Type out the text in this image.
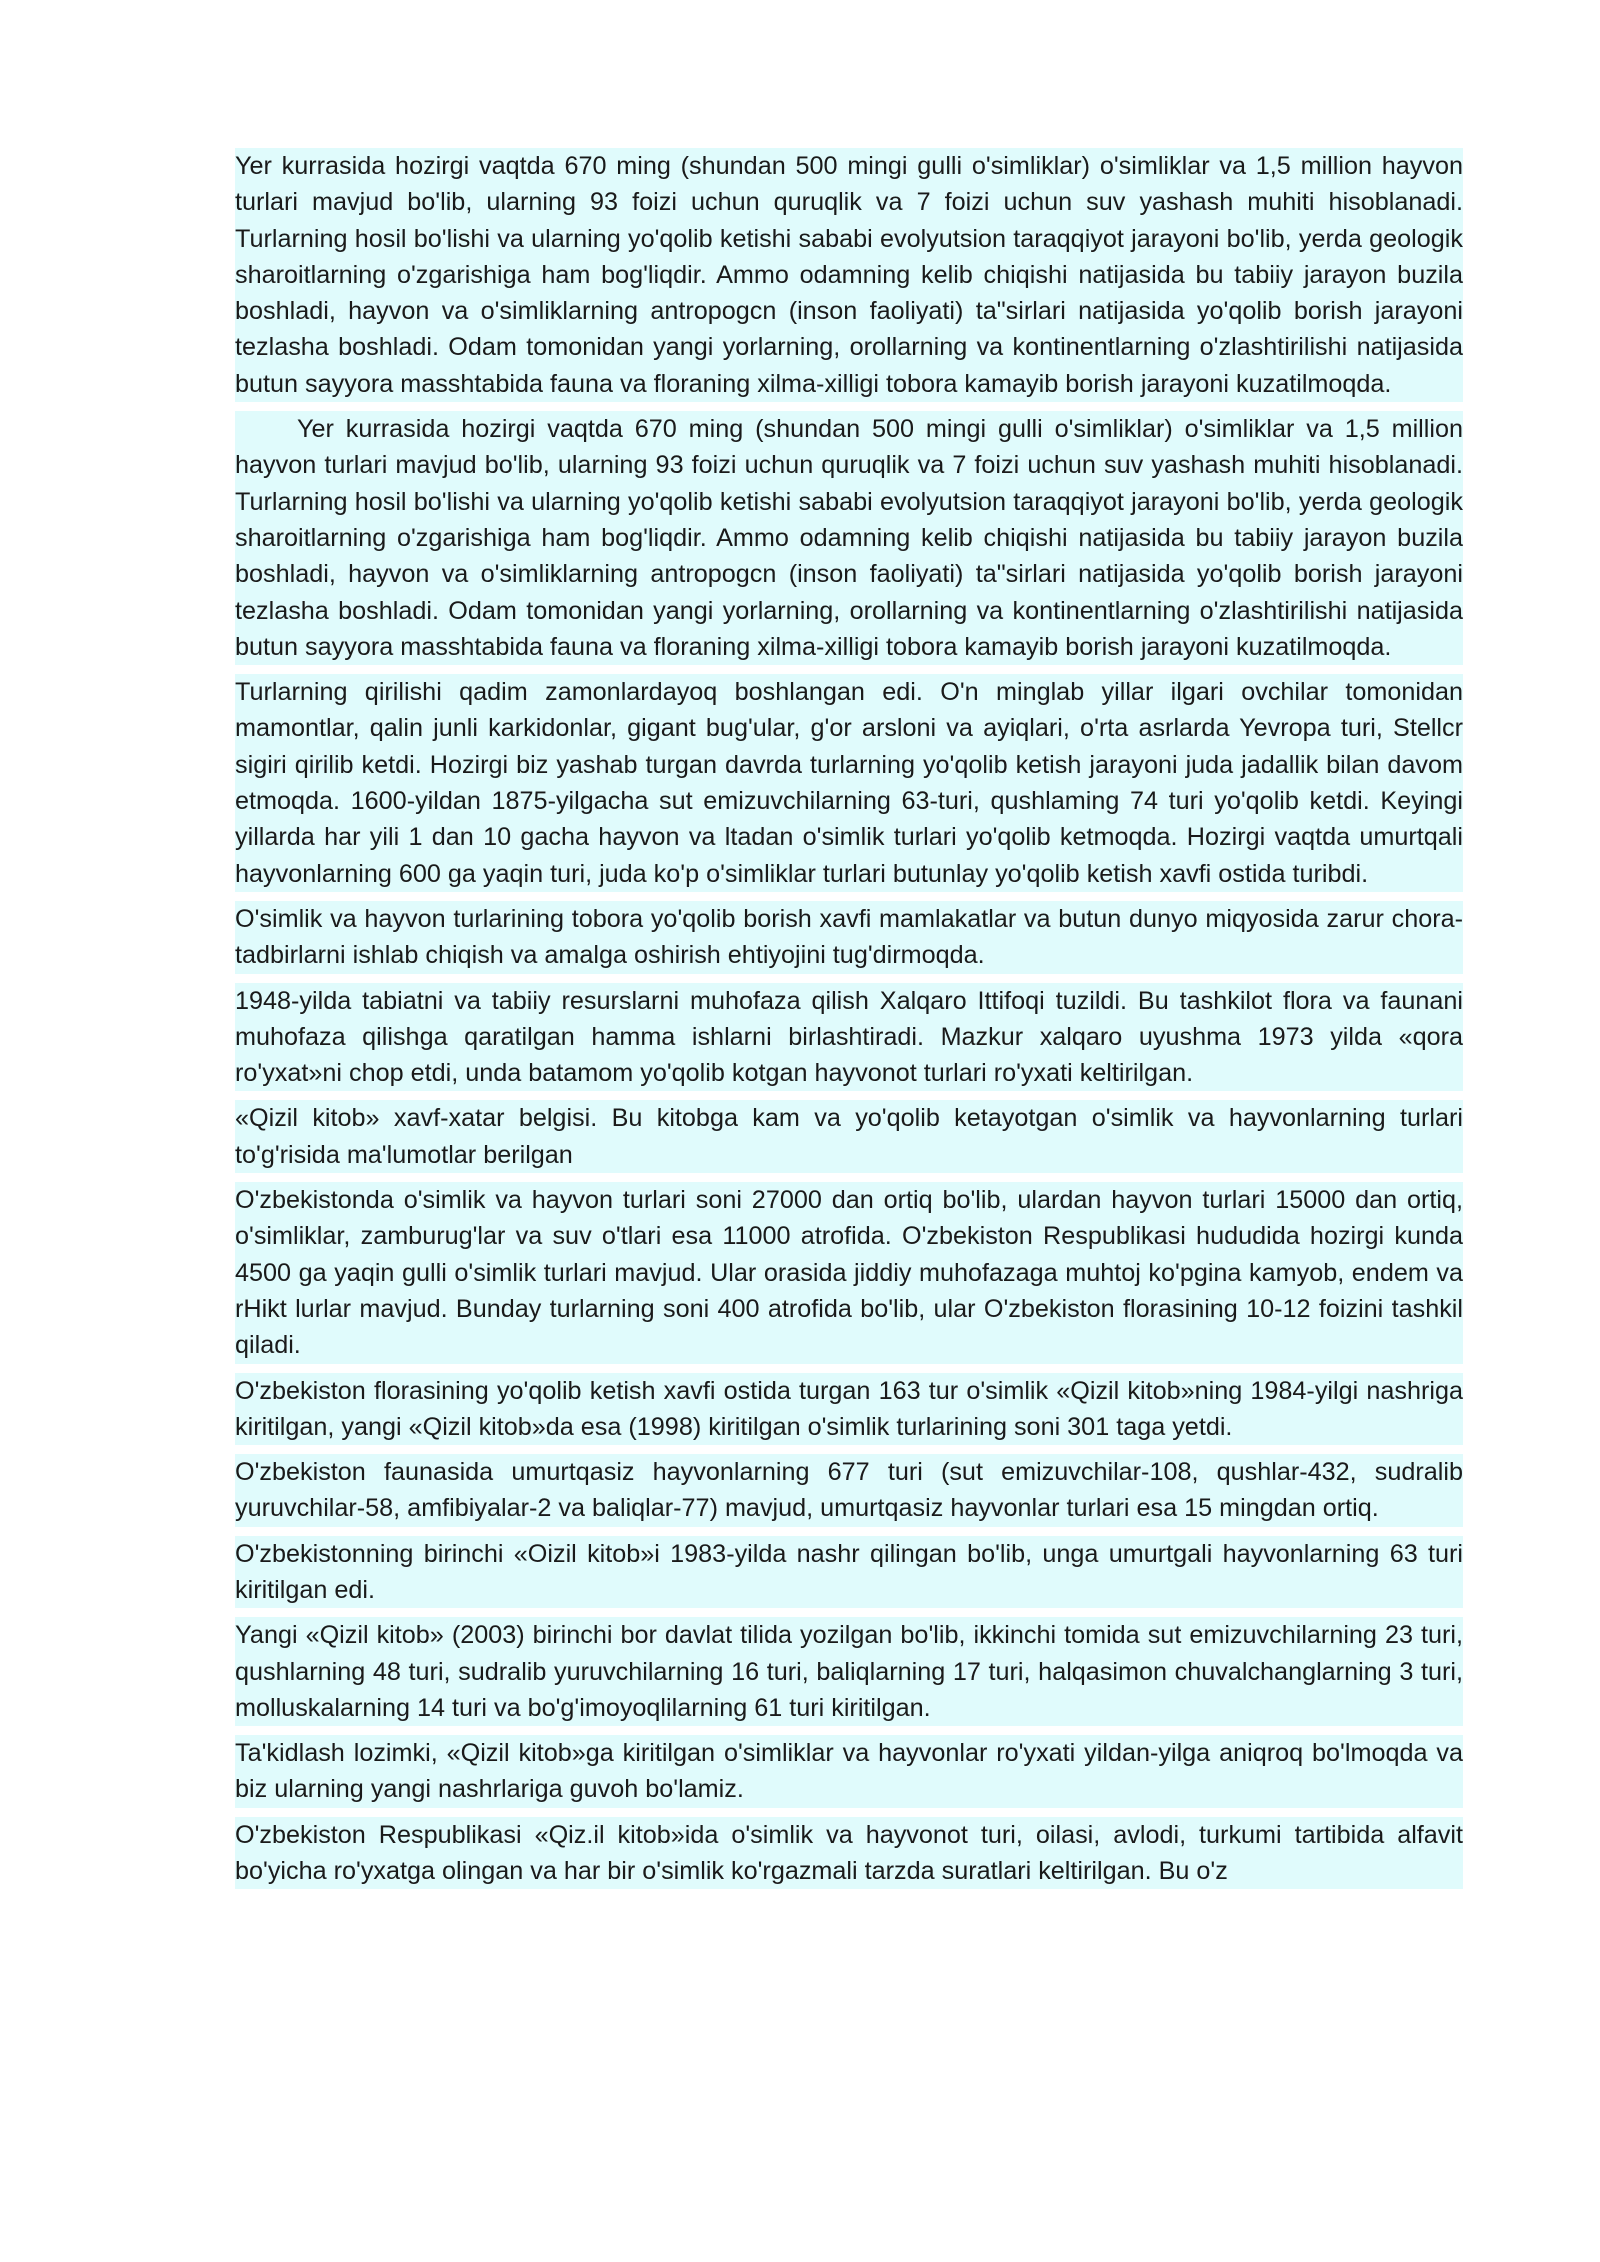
Yer kurrasida hozirgi vaqtda 670 ming (shundan 500 mingi gulli o'simliklar) o'simliklar va 1,5 million hayvon turlari mavjud bo'lib, ularning 93 foizi uchun quruqlik va 7 foizi uchun suv yashash muhiti hisoblanadi. Turlarning hosil bo'lishi va ularning yo'qolib ketishi sababi evolyutsion taraqqiyot jarayoni bo'lib, yerda geologik sharoitlarning o'zgarishiga ham bog'liqdir. Ammo odamning kelib chiqishi natijasida bu tabiiy jarayon buzila boshladi, hayvon va o'simliklarning antropogcn (inson faoliyati) ta"sirlari natijasida yo'qolib borish jarayoni tezlasha boshladi. Odam tomonidan yangi yorlarning, orollarning va kontinentlarning o'zlashtirilishi natijasida butun sayyora masshtabida fauna va floraning xilma-xilligi tobora kamayib borish jarayoni kuzatilmoqda.

Yer kurrasida hozirgi vaqtda 670 ming (shundan 500 mingi gulli o'simliklar) o'simliklar va 1,5 million hayvon turlari mavjud bo'lib, ularning 93 foizi uchun quruqlik va 7 foizi uchun suv yashash muhiti hisoblanadi. Turlarning hosil bo'lishi va ularning yo'qolib ketishi sababi evolyutsion taraqqiyot jarayoni bo'lib, yerda geologik sharoitlarning o'zgarishiga ham bog'liqdir. Ammo odamning kelib chiqishi natijasida bu tabiiy jarayon buzila boshladi, hayvon va o'simliklarning antropogcn (inson faoliyati) ta"sirlari natijasida yo'qolib borish jarayoni tezlasha boshladi. Odam tomonidan yangi yorlarning, orollarning va kontinentlarning o'zlashtirilishi natijasida butun sayyora masshtabida fauna va floraning xilma-xilligi tobora kamayib borish jarayoni kuzatilmoqda.

Turlarning qirilishi qadim zamonlardayoq boshlangan edi. O'n minglab yillar ilgari ovchilar tomonidan mamontlar, qalin junli karkidonlar, gigant bug'ular, g'or arsloni va ayiqlari, o'rta asrlarda Yevropa turi, Stellcr sigiri qirilib ketdi. Hozirgi biz yashab turgan davrda turlarning yo'qolib ketish jarayoni juda jadallik bilan davom etmoqda. 1600-yildan 1875-yilgacha sut emizuvchilarning 63-turi, qushlaming 74 turi yo'qolib ketdi. Keyingi yillarda har yili 1 dan 10 gacha hayvon va ltadan o'simlik turlari yo'qolib ketmoqda. Hozirgi vaqtda umurtqali hayvonlarning 600 ga yaqin turi, juda ko'p o'simliklar turlari butunlay yo'qolib ketish xavfi ostida turibdi.

O'simlik va hayvon turlarining tobora yo'qolib borish xavfi mamlakatlar va butun dunyo miqyosida zarur chora-tadbirlarni ishlab chiqish va amalga oshirish ehtiyojini tug'dirmoqda.

1948-yilda tabiatni va tabiiy resurslarni muhofaza qilish Xalqaro Ittifoqi tuzildi. Bu tashkilot flora va faunani muhofaza qilishga qaratilgan hamma ishlarni birlashtiradi. Mazkur xalqaro uyushma 1973 yilda «qora ro'yxat»ni chop etdi, unda batamom yo'qolib kotgan hayvonot turlari ro'yxati keltirilgan.

«Qizil kitob» xavf-xatar belgisi. Bu kitobga kam va yo'qolib ketayotgan o'simlik va hayvonlarning turlari to'g'risida ma'lumotlar berilgan

O'zbekistonda o'simlik va hayvon turlari soni 27000 dan ortiq bo'lib, ulardan hayvon turlari 15000 dan ortiq, o'simliklar, zamburug'lar va suv o'tlari esa 11000 atrofida. O'zbekiston Respublikasi hududida hozirgi kunda 4500 ga yaqin gulli o'simlik turlari mavjud. Ular orasida jiddiy muhofazaga muhtoj ko'pgina kamyob, endem va rHikt lurlar mavjud. Bunday turlarning soni 400 atrofida bo'lib, ular O'zbekiston florasining 10-12 foizini tashkil qiladi.

O'zbekiston florasining yo'qolib ketish xavfi ostida turgan 163 tur o'simlik «Qizil kitob»ning 1984-yilgi nashriga kiritilgan, yangi «Qizil kitob»da esa (1998) kiritilgan o'simlik turlarining soni 301 taga yetdi.

O'zbekiston faunasida umurtqasiz hayvonlarning 677 turi (sut emizuvchilar-108, qushlar-432, sudralib yuruvchilar-58, amfibiyalar-2 va baliqlar-77) mavjud, umurtqasiz hayvonlar turlari esa 15 mingdan ortiq.

O'zbekistonning birinchi «Oizil kitob»i 1983-yilda nashr qilingan bo'lib, unga umurtgali hayvonlarning 63 turi kiritilgan edi.

Yangi «Qizil kitob» (2003) birinchi bor davlat tilida yozilgan bo'lib, ikkinchi tomida sut emizuvchilarning 23 turi, qushlarning 48 turi, sudralib yuruvchilarning 16 turi, baliqlarning 17 turi, halqasimon chuvalchanglarning 3 turi, molluskalarning 14 turi va bo'g'imoyoqlilarning 61 turi kiritilgan.

Ta'kidlash lozimki, «Qizil kitob»ga kiritilgan o'simliklar va hayvonlar ro'yxati yildan-yilga aniqroq bo'lmoqda va biz ularning yangi nashrlariga guvoh bo'lamiz.

O'zbekiston Respublikasi «Qiz.il kitob»ida o'simlik va hayvonot turi, oilasi, avlodi, turkumi tartibida alfavit bo'yicha ro'yxatga olingan va har bir o'simlik ko'rgazmali tarzda suratlari keltirilgan. Bu o'z
